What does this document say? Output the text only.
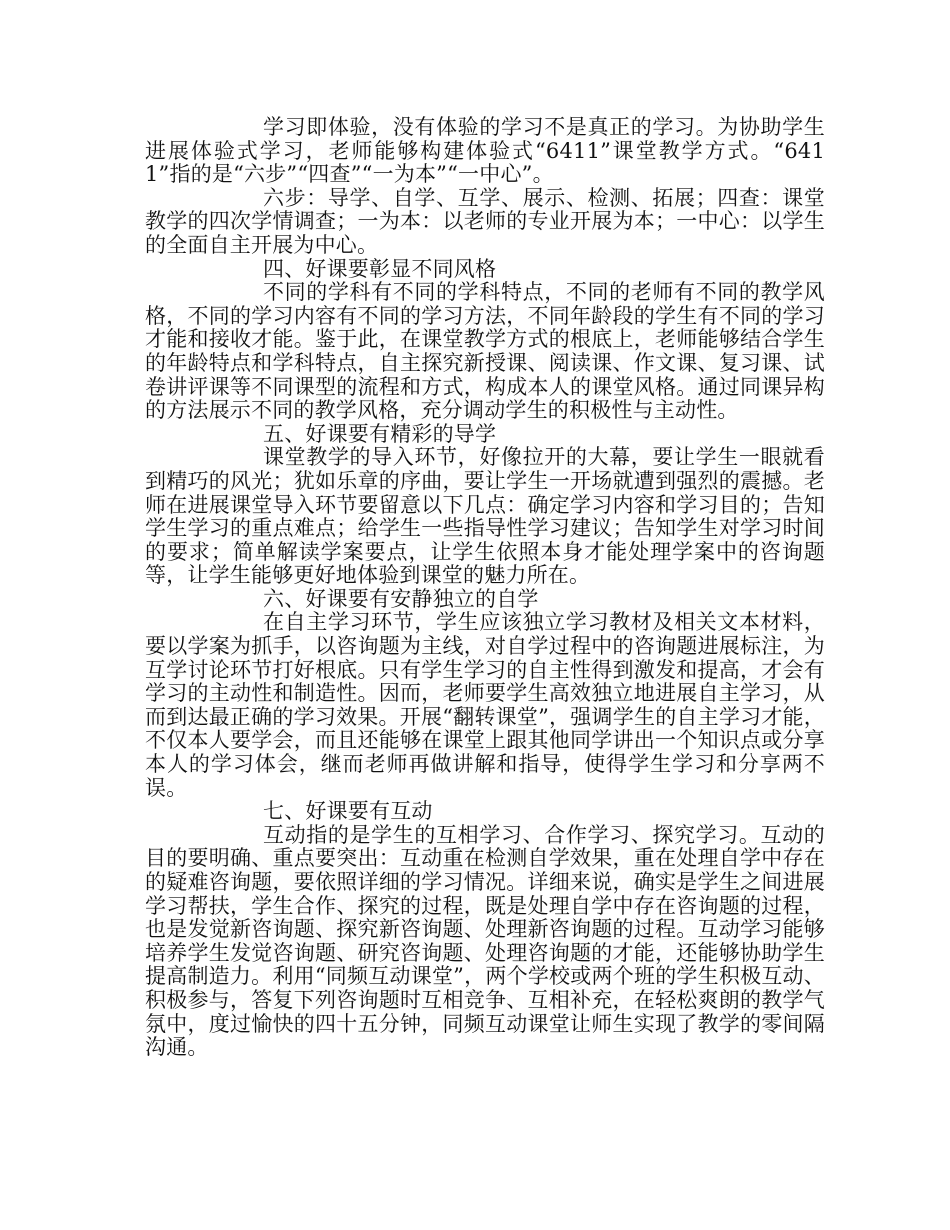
学习即体验，没有体验的学习不是真正的学习。为协助学生进展体验式学习，老师能够构建体验式“6411”课堂教学方式。“6411”指的是“六步”“四查”“一为本”“一中心”。

六步：导学、自学、互学、展示、检测、拓展；四查：课堂教学的四次学情调查；一为本：以老师的专业开展为本；一中心：以学生的全面自主开展为中心。

四、好课要彰显不同风格

不同的学科有不同的学科特点，不同的老师有不同的教学风格，不同的学习内容有不同的学习方法，不同年龄段的学生有不同的学习才能和接收才能。鉴于此，在课堂教学方式的根底上，老师能够结合学生的年龄特点和学科特点，自主探究新授课、阅读课、作文课、复习课、试卷讲评课等不同课型的流程和方式，构成本人的课堂风格。通过同课异构的方法展示不同的教学风格，充分调动学生的积极性与主动性。

五、好课要有精彩的导学

课堂教学的导入环节，好像拉开的大幕，要让学生一眼就看到精巧的风光；犹如乐章的序曲，要让学生一开场就遭到强烈的震撼。老师在进展课堂导入环节要留意以下几点：确定学习内容和学习目的；告知学生学习的重点难点；给学生一些指导性学习建议；告知学生对学习时间的要求；简单解读学案要点，让学生依照本身才能处理学案中的咨询题等，让学生能够更好地体验到课堂的魅力所在。

六、好课要有安静独立的自学

在自主学习环节，学生应该独立学习教材及相关文本材料，要以学案为抓手，以咨询题为主线，对自学过程中的咨询题进展标注，为互学讨论环节打好根底。只有学生学习的自主性得到激发和提高，才会有学习的主动性和制造性。因而，老师要学生高效独立地进展自主学习，从而到达最正确的学习效果。开展“翻转课堂”，强调学生的自主学习才能，不仅本人要学会，而且还能够在课堂上跟其他同学讲出一个知识点或分享本人的学习体会，继而老师再做讲解和指导，使得学生学习和分享两不误。

七、好课要有互动

互动指的是学生的互相学习、合作学习、探究学习。互动的目的要明确、重点要突出：互动重在检测自学效果，重在处理自学中存在的疑难咨询题，要依照详细的学习情况。详细来说，确实是学生之间进展学习帮扶，学生合作、探究的过程，既是处理自学中存在咨询题的过程，也是发觉新咨询题、探究新咨询题、处理新咨询题的过程。互动学习能够培养学生发觉咨询题、研究咨询题、处理咨询题的才能，还能够协助学生提高制造力。利用“同频互动课堂”，两个学校或两个班的学生积极互动、积极参与，答复下列咨询题时互相竞争、互相补充，在轻松爽朗的教学气氛中，度过愉快的四十五分钟，同频互动课堂让师生实现了教学的零间隔沟通。
